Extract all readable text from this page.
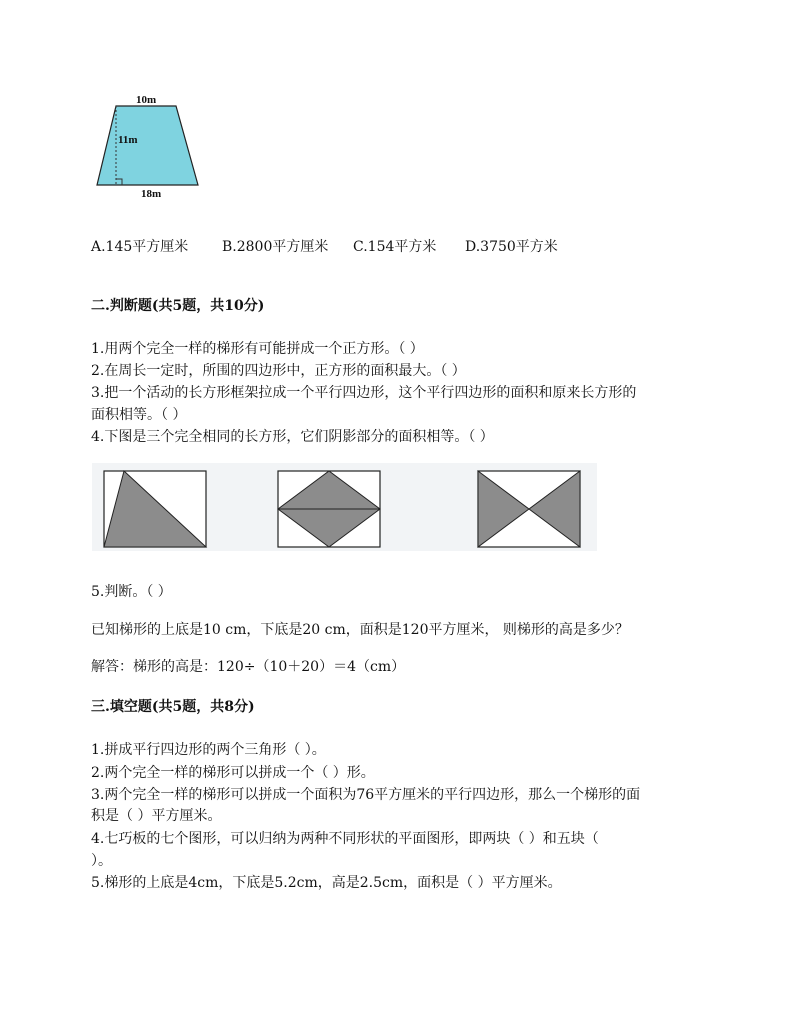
10m
11m
18m
A.145平方厘米 B.2800平方厘米 C.154平方米 D.3750平方米
二.判断题(共5题，共10分)
1.用两个完全一样的梯形有可能拼成一个正方形。（ ）
2.在周长一定时，所围的四边形中，正方形的面积最大。（ ）
3.把一个活动的长方形框架拉成一个平行四边形，这个平行四边形的面积和原来长方形的
面积相等。（ ）
4.下图是三个完全相同的长方形，它们阴影部分的面积相等。（ ）
5.判断。（ ）
已知梯形的上底是10 cm，下底是20 cm，面积是120平方厘米， 则梯形的高是多少？
解答：梯形的高是：120÷（10＋20）＝4（cm）
三.填空题(共5题，共8分)
1.拼成平行四边形的两个三角形（ ）。
2.两个完全一样的梯形可以拼成一个（ ）形。
3.两个完全一样的梯形可以拼成一个面积为76平方厘米的平行四边形，那么一个梯形的面
积是（ ）平方厘米。
4.七巧板的七个图形，可以归纳为两种不同形状的平面图形，即两块（ ）和五块（
）。
5.梯形的上底是4cm，下底是5.2cm，高是2.5cm，面积是（ ）平方厘米。
